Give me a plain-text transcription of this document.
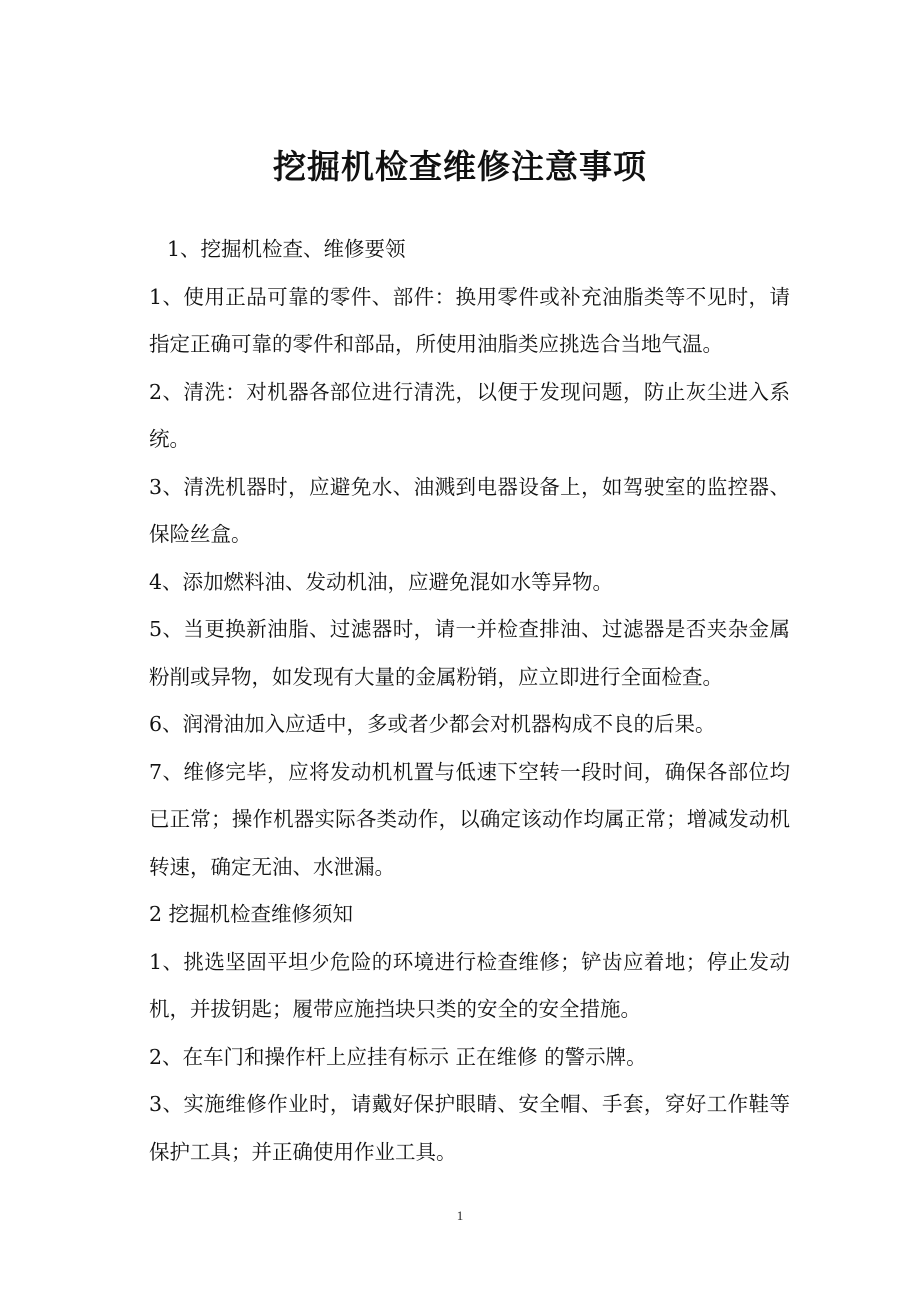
挖掘机检查维修注意事项

1、挖掘机检查、维修要领

1、使用正品可靠的零件、部件：换用零件或补充油脂类等不见时，请指定正确可靠的零件和部品，所使用油脂类应挑选合当地气温。

2、清洗：对机器各部位进行清洗，以便于发现问题，防止灰尘进入系统。

3、清洗机器时，应避免水、油溅到电器设备上，如驾驶室的监控器、保险丝盒。

4、添加燃料油、发动机油，应避免混如水等异物。

5、当更换新油脂、过滤器时，请一并检查排油、过滤器是否夹杂金属粉削或异物，如发现有大量的金属粉销，应立即进行全面检查。

6、润滑油加入应适中，多或者少都会对机器构成不良的后果。

7、维修完毕，应将发动机机置与低速下空转一段时间，确保各部位均已正常；操作机器实际各类动作，以确定该动作均属正常；增减发动机转速，确定无油、水泄漏。

2 挖掘机检查维修须知

1、挑选坚固平坦少危险的环境进行检查维修；铲齿应着地；停止发动机，并拔钥匙；履带应施挡块只类的安全的安全措施。

2、在车门和操作杆上应挂有标示 正在维修 的警示牌。

3、实施维修作业时，请戴好保护眼睛、安全帽、手套，穿好工作鞋等保护工具；并正确使用作业工具。

1
